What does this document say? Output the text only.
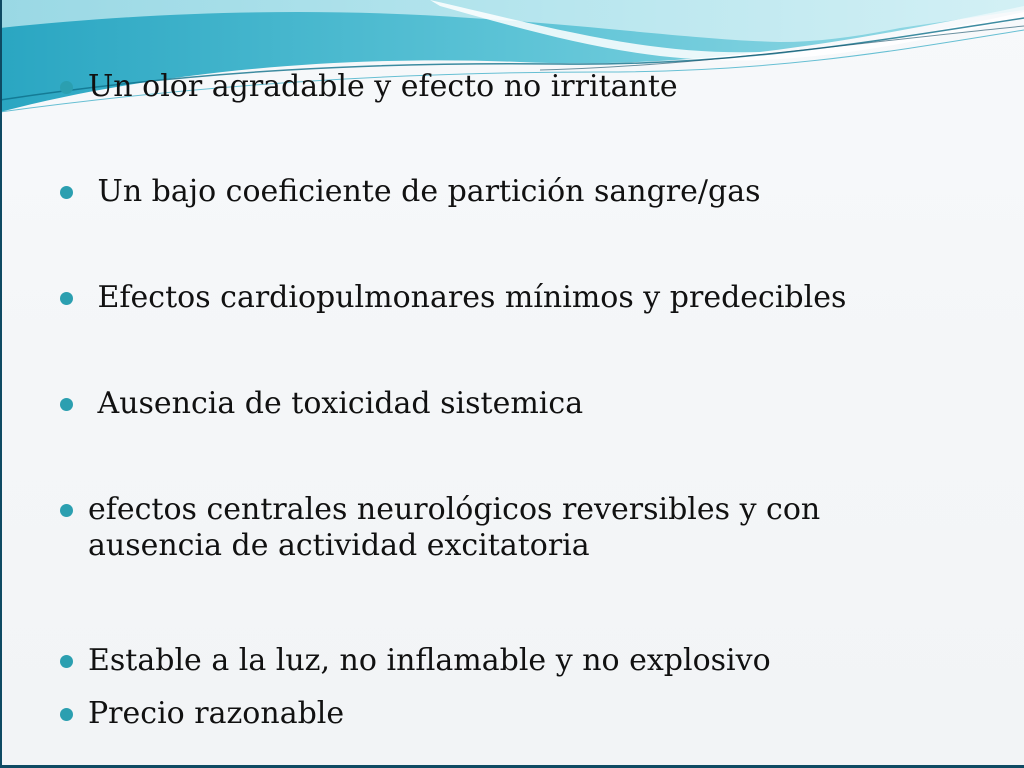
Un olor agradable y efecto no irritante
Un bajo coeficiente de partición sangre/gas
Efectos cardiopulmonares mínimos y predecibles
Ausencia de toxicidad sistemica
efectos centrales neurológicos reversibles y con ausencia de actividad excitatoria
Estable a la luz, no inflamable y no explosivo
Precio razonable
